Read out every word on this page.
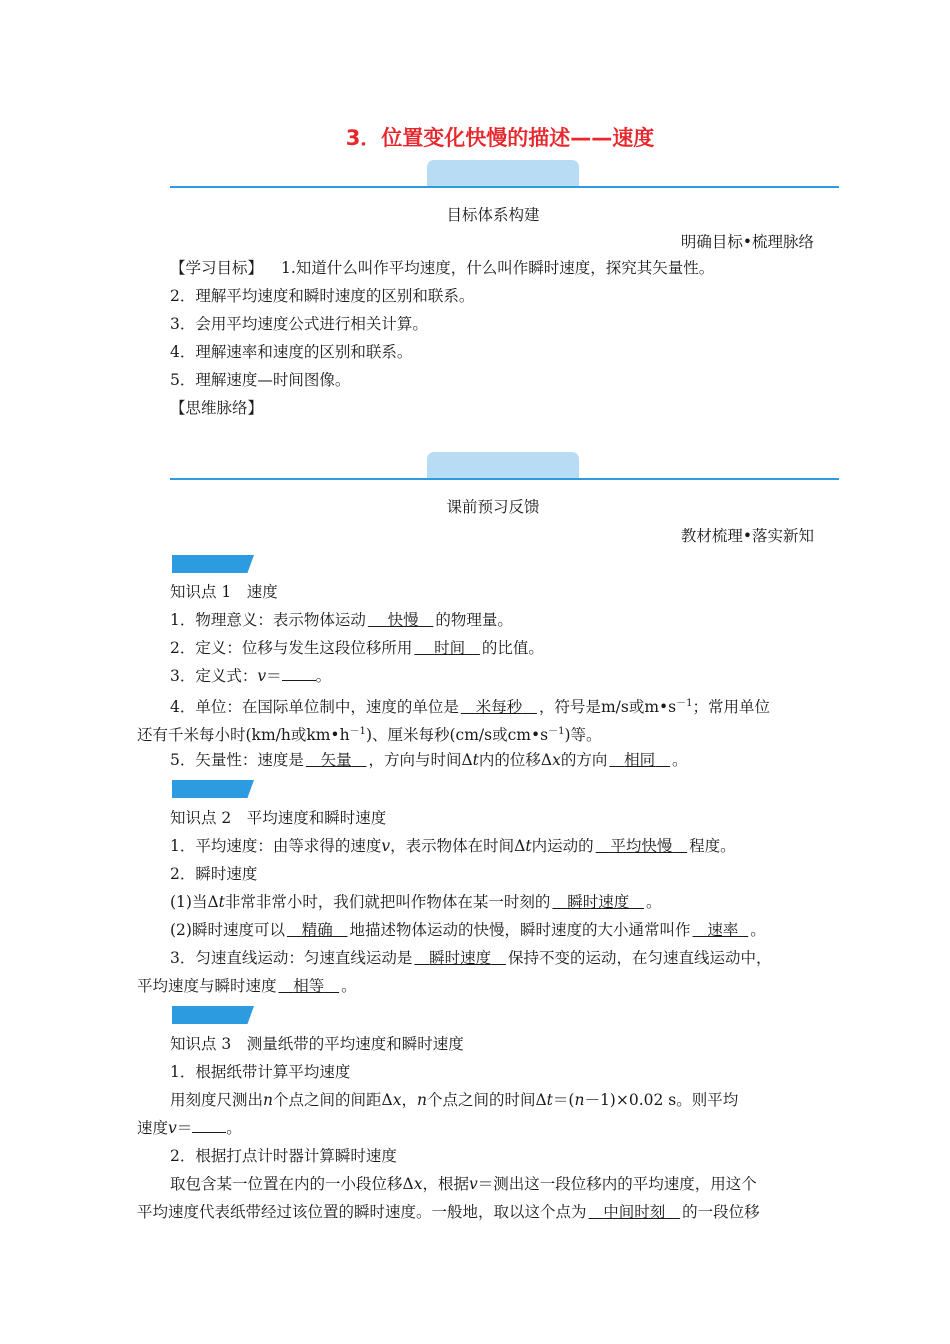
3．位置变化快慢的描述——速度
目标体系构建
明确目标•梳理脉络
【学习目标】 1.知道什么叫作平均速度，什么叫作瞬时速度，探究其矢量性。
2．理解平均速度和瞬时速度的区别和联系。
3．会用平均速度公式进行相关计算。
4．理解速率和速度的区别和联系。
5．理解速度—时间图像。
【思维脉络】
课前预习反馈
教材梳理•落实新知
知识点 1　速度
1．物理意义：表示物体运动 快慢 的物理量。
2．定义：位移与发生这段位移所用 时间 的比值。
3．定义式：v＝ 。
4．单位：在国际单位制中，速度的单位是 米每秒 ，符号是m/s或$m•s^{-1}$；常用单位
还有千米每小时(km/h或$km•h^{-1}$)、厘米每秒(cm/s或$cm•s^{-1}$)等。
5．矢量性：速度是 矢量 ，方向与时间Δt内的位移Δx的方向 相同 。
知识点 2　平均速度和瞬时速度
1．平均速度：由等求得的速度v，表示物体在时间Δt内运动的 平均快慢 程度。
2．瞬时速度
(1)当Δt非常非常小时，我们就把叫作物体在某一时刻的 瞬时速度 。
(2)瞬时速度可以 精确 地描述物体运动的快慢，瞬时速度的大小通常叫作 速率 。
3．匀速直线运动：匀速直线运动是 瞬时速度 保持不变的运动，在匀速直线运动中，
平均速度与瞬时速度 相等 。
知识点 3　测量纸带的平均速度和瞬时速度
1．根据纸带计算平均速度
用刻度尺测出n个点之间的间距Δx，n个点之间的时间Δt＝(n－1)×0.02 s。则平均
速度v＝ 。
2．根据打点计时器计算瞬时速度
取包含某一位置在内的一小段位移Δx，根据v＝测出这一段位移内的平均速度，用这个
平均速度代表纸带经过该位置的瞬时速度。一般地，取以这个点为 中间时刻 的一段位移
